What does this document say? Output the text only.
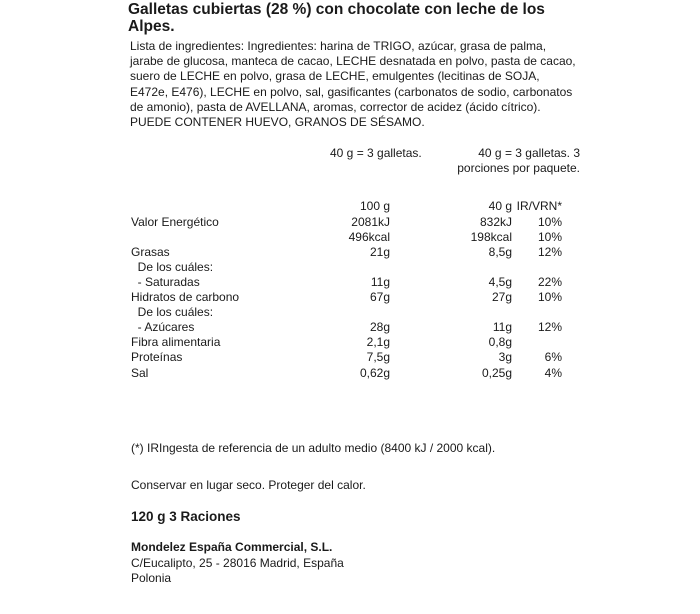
Galletas cubiertas (28 %) con chocolate con leche de los Alpes.
Lista de ingredientes: Ingredientes: harina de TRIGO, azúcar, grasa de palma, jarabe de glucosa, manteca de cacao, LECHE desnatada en polvo, pasta de cacao, suero de LECHE en polvo, grasa de LECHE, emulgentes (lecitinas de SOJA, E472e, E476), LECHE en polvo, sal, gasificantes (carbonatos de sodio, carbonatos de amonio), pasta de AVELLANA, aromas, corrector de acidez (ácido cítrico). PUEDE CONTENER HUEVO, GRANOS DE SÉSAMO.
40 g = 3 galletas.	40 g = 3 galletas. 3 porciones por paquete.
100 g	40 g IR/VRN*
Valor Energético	2081kJ	832kJ 10%
496kcal	198kcal 10%
Grasas	21g	8,5g 12%
De los cuáles:
- Saturadas	11g	4,5g 22%
Hidratos de carbono	67g	27g 10%
De los cuáles:
- Azúcares	28g	11g 12%
Fibra alimentaria	2,1g	0,8g
Proteínas	7,5g	3g	6%
Sal	0,62g	0,25g	4%
(*) IRIngesta de referencia de un adulto medio (8400 kJ / 2000 kcal).
Conservar en lugar seco. Proteger del calor.
120 g 3 Raciones
Mondelez España Commercial, S.L.
C/Eucalipto, 25 - 28016 Madrid, España
Polonia
